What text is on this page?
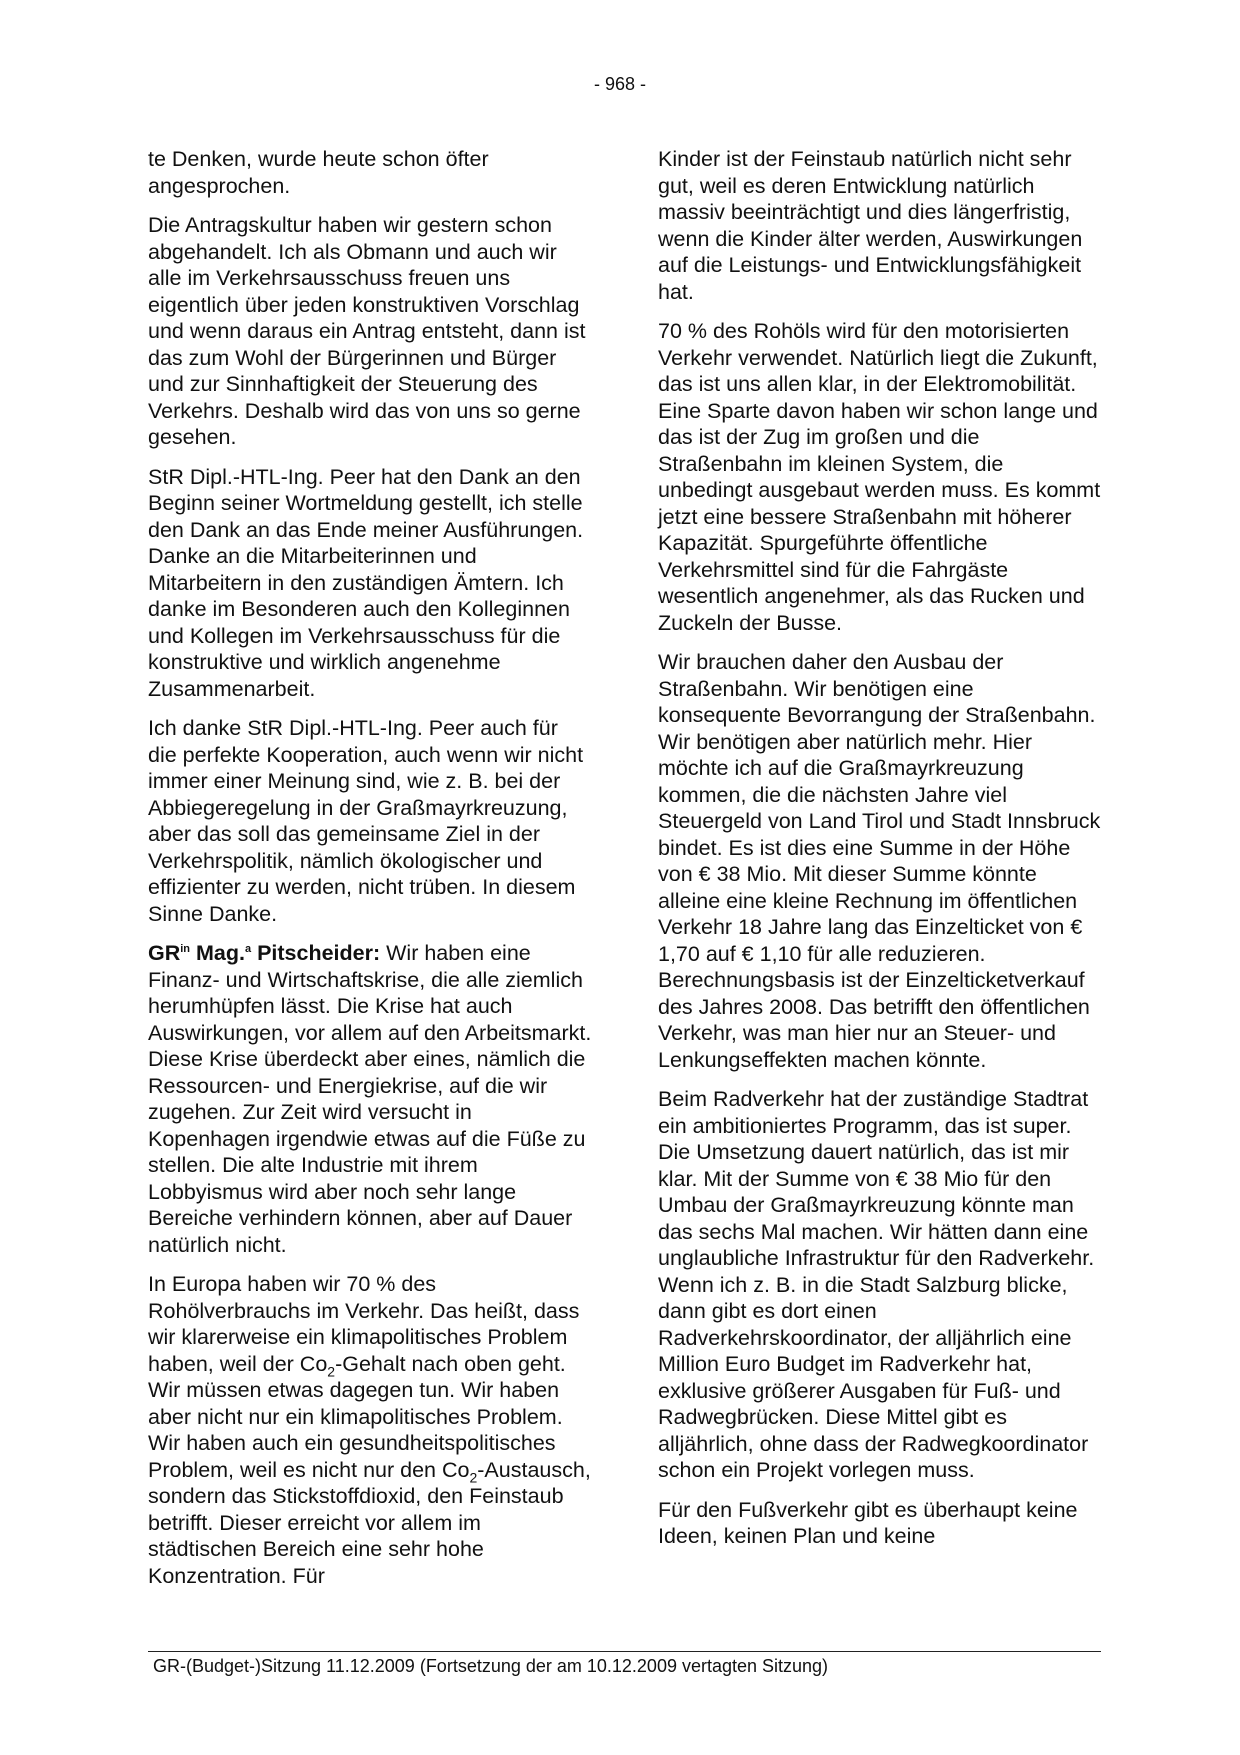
- 968 -

te Denken, wurde heute schon öfter angesprochen.

Die Antragskultur haben wir gestern schon abgehandelt. Ich als Obmann und auch wir alle im Verkehrsausschuss freuen uns eigentlich über jeden konstruktiven Vorschlag und wenn daraus ein Antrag entsteht, dann ist das zum Wohl der Bürgerinnen und Bürger und zur Sinnhaftigkeit der Steuerung des Verkehrs. Deshalb wird das von uns so gerne gesehen.

StR Dipl.-HTL-Ing. Peer hat den Dank an den Beginn seiner Wortmeldung gestellt, ich stelle den Dank an das Ende meiner Ausführungen. Danke an die Mitarbeiterinnen und Mitarbeitern in den zuständigen Ämtern. Ich danke im Besonderen auch den Kolleginnen und Kollegen im Verkehrsausschuss für die konstruktive und wirklich angenehme Zusammenarbeit.

Ich danke StR Dipl.-HTL-Ing. Peer auch für die perfekte Kooperation, auch wenn wir nicht immer einer Meinung sind, wie z. B. bei der Abbiegeregelung in der Graßmayrkreuzung, aber das soll das gemeinsame Ziel in der Verkehrspolitik, nämlich ökologischer und effizienter zu werden, nicht trüben. In diesem Sinne Danke.

$GR^{in}$ Mag.$^a$ Pitscheider: Wir haben eine Finanz- und Wirtschaftskrise, die alle ziemlich herumhüpfen lässt. Die Krise hat auch Auswirkungen, vor allem auf den Arbeitsmarkt. Diese Krise überdeckt aber eines, nämlich die Ressourcen- und Energiekrise, auf die wir zugehen. Zur Zeit wird versucht in Kopenhagen irgendwie etwas auf die Füße zu stellen. Die alte Industrie mit ihrem Lobbyismus wird aber noch sehr lange Bereiche verhindern können, aber auf Dauer natürlich nicht.

In Europa haben wir 70 % des Rohölverbrauchs im Verkehr. Das heißt, dass wir klarerweise ein klimapolitisches Problem haben, weil der $Co_2$-Gehalt nach oben geht. Wir müssen etwas dagegen tun. Wir haben aber nicht nur ein klimapolitisches Problem. Wir haben auch ein gesundheitspolitisches Problem, weil es nicht nur den $Co_2$-Austausch, sondern das Stickstoffdioxid, den Feinstaub betrifft. Dieser erreicht vor allem im städtischen Bereich eine sehr hohe Konzentration. Für

Kinder ist der Feinstaub natürlich nicht sehr gut, weil es deren Entwicklung natürlich massiv beeinträchtigt und dies längerfristig, wenn die Kinder älter werden, Auswirkungen auf die Leistungs- und Entwicklungsfähigkeit hat.

70 % des Rohöls wird für den motorisierten Verkehr verwendet. Natürlich liegt die Zukunft, das ist uns allen klar, in der Elektromobilität. Eine Sparte davon haben wir schon lange und das ist der Zug im großen und die Straßenbahn im kleinen System, die unbedingt ausgebaut werden muss. Es kommt jetzt eine bessere Straßenbahn mit höherer Kapazität. Spurgeführte öffentliche Verkehrsmittel sind für die Fahrgäste wesentlich angenehmer, als das Rucken und Zuckeln der Busse.

Wir brauchen daher den Ausbau der Straßenbahn. Wir benötigen eine konsequente Bevorrangung der Straßenbahn. Wir benötigen aber natürlich mehr. Hier möchte ich auf die Graßmayrkreuzung kommen, die die nächsten Jahre viel Steuergeld von Land Tirol und Stadt Innsbruck bindet. Es ist dies eine Summe in der Höhe von € 38 Mio. Mit dieser Summe könnte alleine eine kleine Rechnung im öffentlichen Verkehr 18 Jahre lang das Einzelticket von € 1,70 auf € 1,10 für alle reduzieren. Berechnungsbasis ist der Einzelticketverkauf des Jahres 2008. Das betrifft den öffentlichen Verkehr, was man hier nur an Steuer- und Lenkungseffekten machen könnte.

Beim Radverkehr hat der zuständige Stadtrat ein ambitioniertes Programm, das ist super. Die Umsetzung dauert natürlich, das ist mir klar. Mit der Summe von € 38 Mio für den Umbau der Graßmayrkreuzung könnte man das sechs Mal machen. Wir hätten dann eine unglaubliche Infrastruktur für den Radverkehr. Wenn ich z. B. in die Stadt Salzburg blicke, dann gibt es dort einen Radverkehrskoordinator, der alljährlich eine Million Euro Budget im Radverkehr hat, exklusive größerer Ausgaben für Fuß- und Radwegbrücken. Diese Mittel gibt es alljährlich, ohne dass der Radwegkoordinator schon ein Projekt vorlegen muss.

Für den Fußverkehr gibt es überhaupt keine Ideen, keinen Plan und keine

GR-(Budget-)Sitzung 11.12.2009 (Fortsetzung der am 10.12.2009 vertagten Sitzung)
